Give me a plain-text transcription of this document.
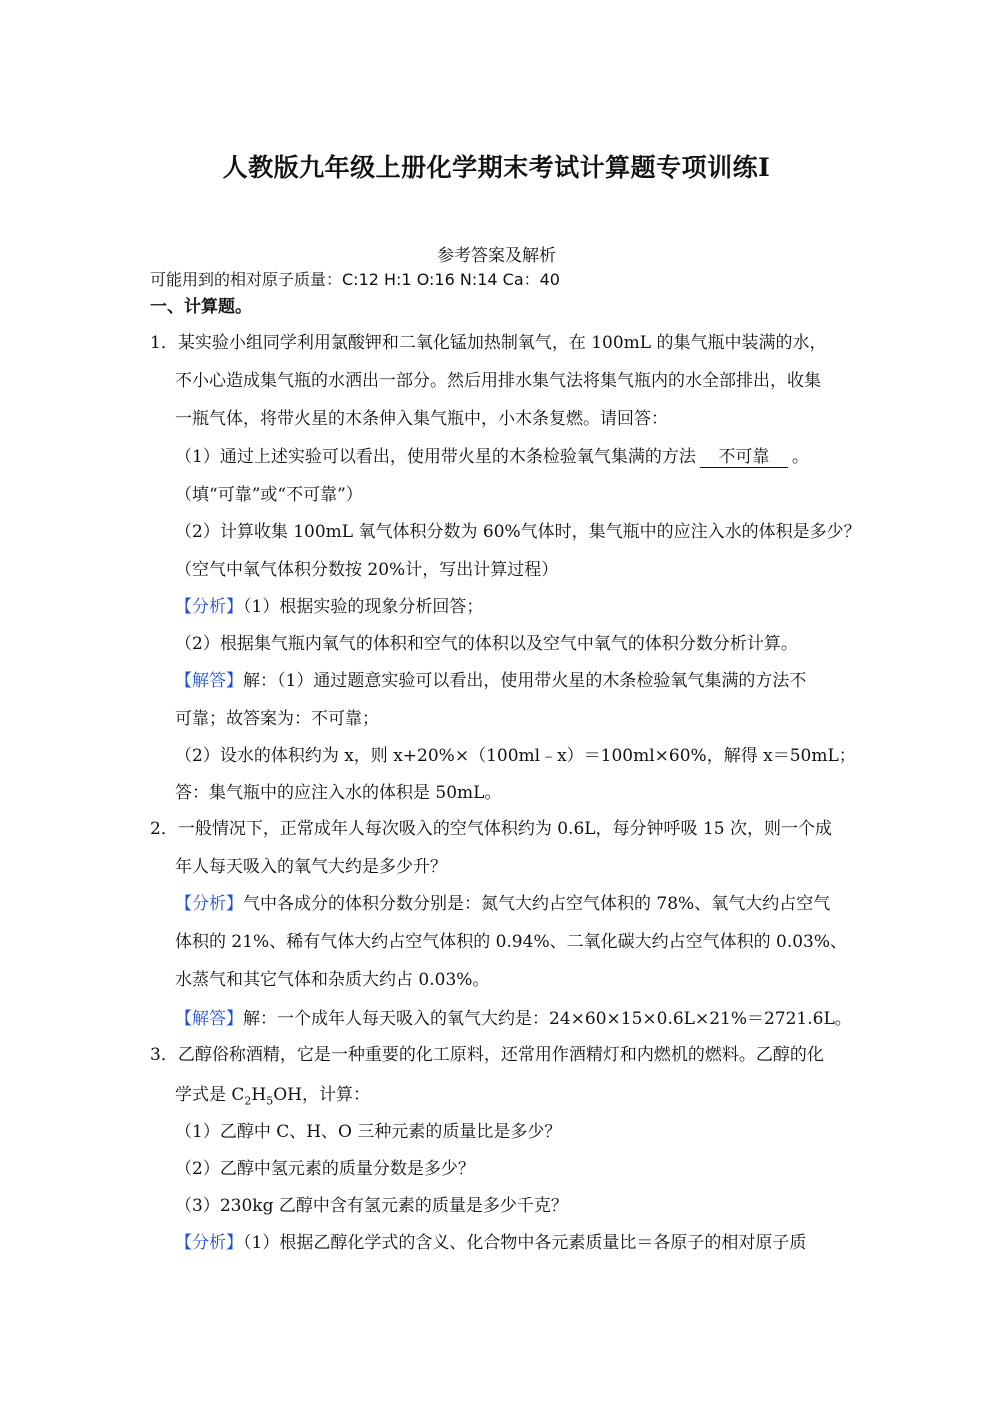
人教版九年级上册化学期末考试计算题专项训练Ⅰ
参考答案及解析
可能用到的相对原子质量：C:12 H:1 O:16 N:14 Ca：40
一、计算题。
1．某实验小组同学利用氯酸钾和二氧化锰加热制氧气，在 100mL 的集气瓶中装满的水，
不小心造成集气瓶的水洒出一部分。然后用排水集气法将集气瓶内的水全部排出，收集
一瓶气体，将带火星的木条伸入集气瓶中，小木条复燃。请回答：
（1）通过上述实验可以看出，使用带火星的木条检验氧气集满的方法 不可靠 。
（填“可靠”或“不可靠”）
（2）计算收集 100mL 氧气体积分数为 60%气体时，集气瓶中的应注入水的体积是多少？
（空气中氧气体积分数按 20%计，写出计算过程）
【分析】（1）根据实验的现象分析回答；
（2）根据集气瓶内氧气的体积和空气的体积以及空气中氧气的体积分数分析计算。
【解答】解：（1）通过题意实验可以看出，使用带火星的木条检验氧气集满的方法不
可靠；故答案为：不可靠；
（2）设水的体积约为 x，则 x+20%×（100ml﹣x）＝100ml×60%，解得 x＝50mL；
答：集气瓶中的应注入水的体积是 50mL。
2．一般情况下，正常成年人每次吸入的空气体积约为 0.6L，每分钟呼吸 15 次，则一个成
年人每天吸入的氧气大约是多少升？
【分析】气中各成分的体积分数分别是：氮气大约占空气体积的 78%、氧气大约占空气
体积的 21%、稀有气体大约占空气体积的 0.94%、二氧化碳大约占空气体积的 0.03%、
水蒸气和其它气体和杂质大约占 0.03%。
【解答】解：一个成年人每天吸入的氧气大约是：24×60×15×0.6L×21%＝2721.6L。
3．乙醇俗称酒精，它是一种重要的化工原料，还常用作酒精灯和内燃机的燃料。乙醇的化
学式是 $C_2H_5OH$，计算：
（1）乙醇中 C、H、O 三种元素的质量比是多少？
（2）乙醇中氢元素的质量分数是多少？
（3）230kg 乙醇中含有氢元素的质量是多少千克？
【分析】（1）根据乙醇化学式的含义、化合物中各元素质量比＝各原子的相对原子质
